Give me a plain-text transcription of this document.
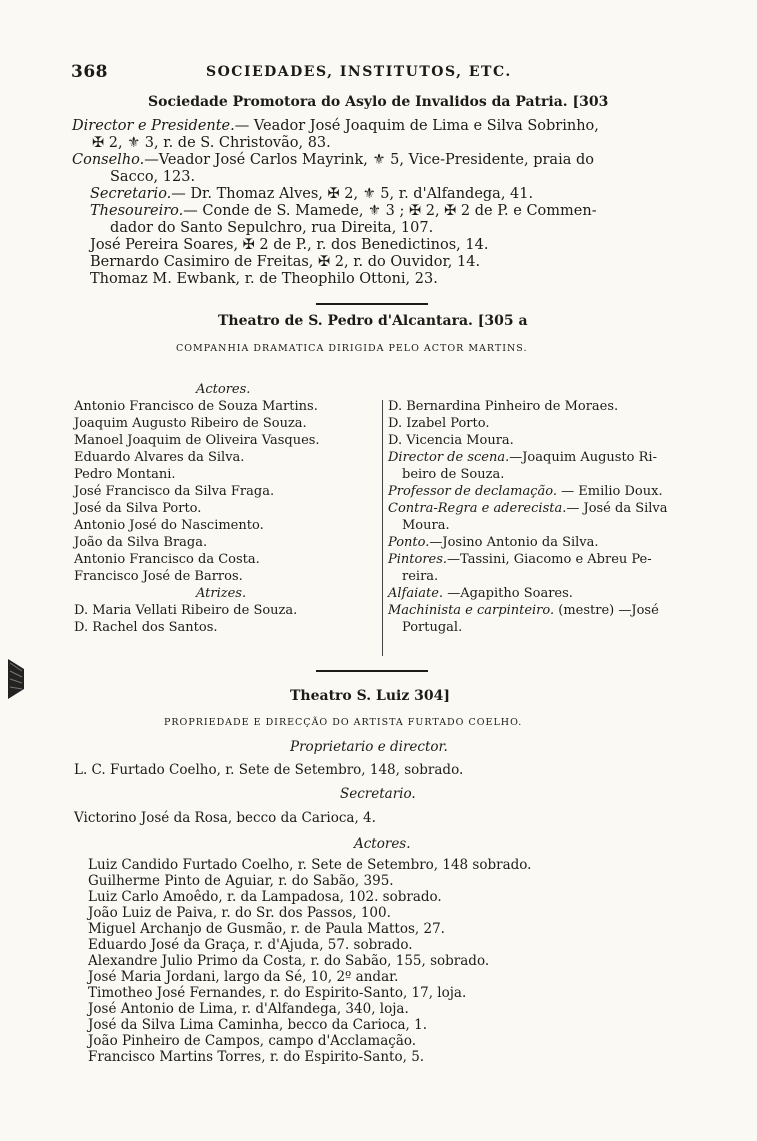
368	SOCIEDADES, INSTITUTOS, ETC.
Sociedade Promotora do Asylo de Invalidos da Patria. [303
Director e Presidente.— Veador José Joaquim de Lima e Silva Sobrinho,
✠ 2, ⚜ 3, r. de S. Christovão, 83.
Conselho.—Veador José Carlos Mayrink, ⚜ 5, Vice-Presidente, praia do
Sacco, 123.
Secretario.— Dr. Thomaz Alves, ✠ 2, ⚜ 5, r. d'Alfandega, 41.
Thesoureiro.— Conde de S. Mamede, ⚜ 3 ; ✠ 2, ✠ 2 de P. e Commen-
dador do Santo Sepulchro, rua Direita, 107.
José Pereira Soares, ✠ 2 de P., r. dos Benedictinos, 14.
Bernardo Casimiro de Freitas, ✠ 2, r. do Ouvidor, 14.
Thomaz M. Ewbank, r. de Theophilo Ottoni, 23.
Theatro de S. Pedro d'Alcantara. [305 a
COMPANHIA DRAMATICA DIRIGIDA PELO ACTOR MARTINS.
Actores.
Antonio Francisco de Souza Martins.
Joaquim Augusto Ribeiro de Souza.
Manoel Joaquim de Oliveira Vasques.
Eduardo Alvares da Silva.
Pedro Montani.
José Francisco da Silva Fraga.
José da Silva Porto.
Antonio José do Nascimento.
João da Silva Braga.
Antonio Francisco da Costa.
Francisco José de Barros.
Atrizes.
D. Maria Vellati Ribeiro de Souza.
D. Rachel dos Santos.
D. Bernardina Pinheiro de Moraes.
D. Izabel Porto.
D. Vicencia Moura.
Director de scena.—Joaquim Augusto Ri-
beiro de Souza.
Professor de declamação. — Emilio Doux.
Contra-Regra e aderecista.— José da Silva
Moura.
Ponto.—Josino Antonio da Silva.
Pintores.—Tassini, Giacomo e Abreu Pe-
reira.
Alfaiate. —Agapitho Soares.
Machinista e carpinteiro. (mestre) —José
Portugal.
Theatro S. Luiz 304]
PROPRIEDADE E DIRECÇÃO DO ARTISTA FURTADO COELHO.
Proprietario e director.
L. C. Furtado Coelho, r. Sete de Setembro, 148, sobrado.
Secretario.
Victorino José da Rosa, becco da Carioca, 4.
Actores.
Luiz Candido Furtado Coelho, r. Sete de Setembro, 148 sobrado.
Guilherme Pinto de Aguiar, r. do Sabão, 395.
Luiz Carlo Amoêdo, r. da Lampadosa, 102. sobrado.
João Luiz de Paiva, r. do Sr. dos Passos, 100.
Miguel Archanjo de Gusmão, r. de Paula Mattos, 27.
Eduardo José da Graça, r. d'Ajuda, 57. sobrado.
Alexandre Julio Primo da Costa, r. do Sabão, 155, sobrado.
José Maria Jordani, largo da Sé, 10, 2º andar.
Timotheo José Fernandes, r. do Espirito-Santo, 17, loja.
José Antonio de Lima, r. d'Alfandega, 340, loja.
José da Silva Lima Caminha, becco da Carioca, 1.
João Pinheiro de Campos, campo d'Acclamação.
Francisco Martins Torres, r. do Espirito-Santo, 5.
